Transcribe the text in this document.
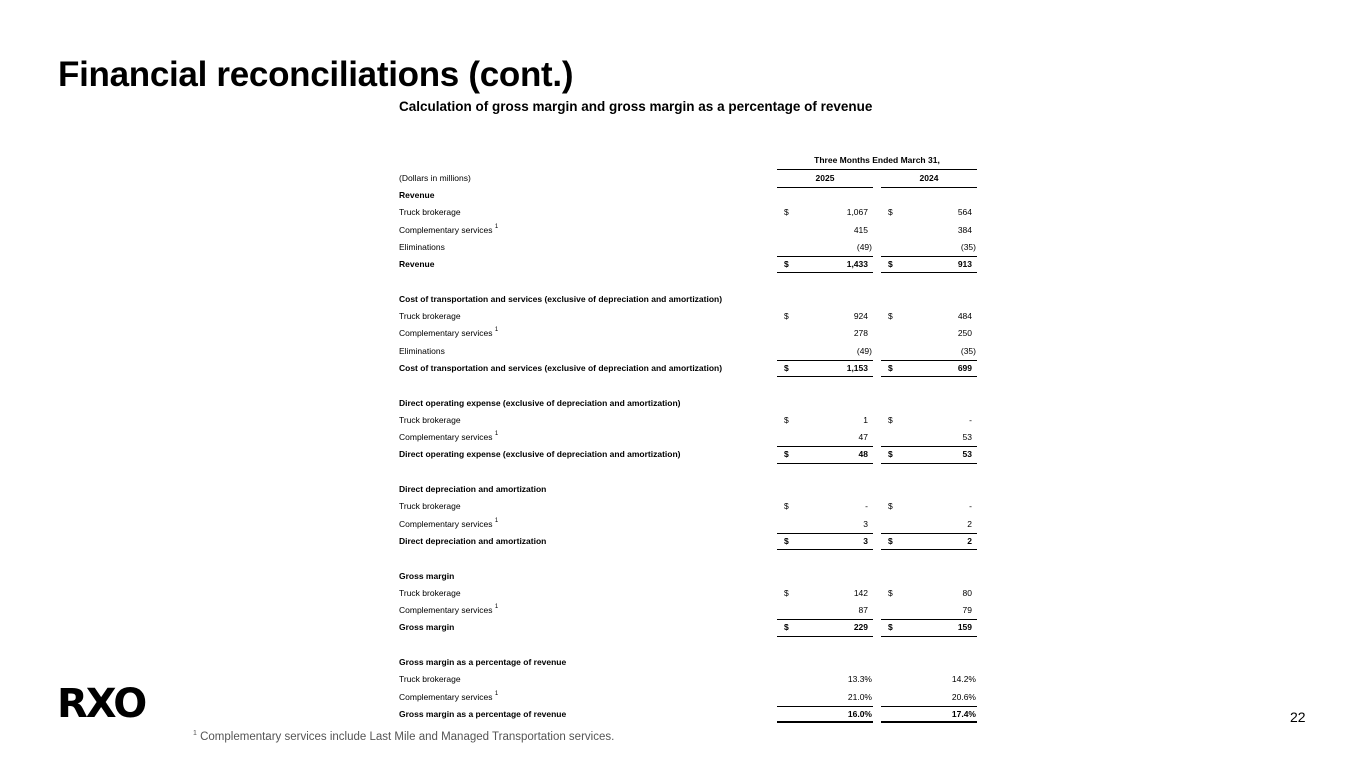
Financial reconciliations (cont.)
Calculation of gross margin and gross margin as a percentage of revenue
Three Months Ended March 31,
(Dollars in millions)	2025	2024
Revenue
Truck brokerage	$	1,067 $	564
Complementary services $^1$	415	384
Eliminations	(49)	(35)
Revenue	$	1,433 $	913
Cost of transportation and services (exclusive of depreciation and amortization)
Truck brokerage	$	924 $	484
Complementary services $^1$	278	250
Eliminations	(49)	(35)
Cost of transportation and services (exclusive of depreciation and amortization)	$	1,153 $	699
Direct operating expense (exclusive of depreciation and amortization)
Truck brokerage	$	1 $	-
Complementary services $^1$	47	53
Direct operating expense (exclusive of depreciation and amortization)	$	48 $	53
Direct depreciation and amortization
Truck brokerage	$	- $	-
Complementary services $^1$	3	2
Direct depreciation and amortization	$	3 $	2
Gross margin
Truck brokerage	$	142 $	80
Complementary services $^1$	87	79
Gross margin	$	229 $	159
Gross margin as a percentage of revenue
Truck brokerage	13.3%	14.2%
Complementary services $^1$	21.0%	20.6%
Gross margin as a percentage of revenue	16.0%	17.4%
RXO	22
$^1$ Complementary services include Last Mile and Managed Transportation services.
